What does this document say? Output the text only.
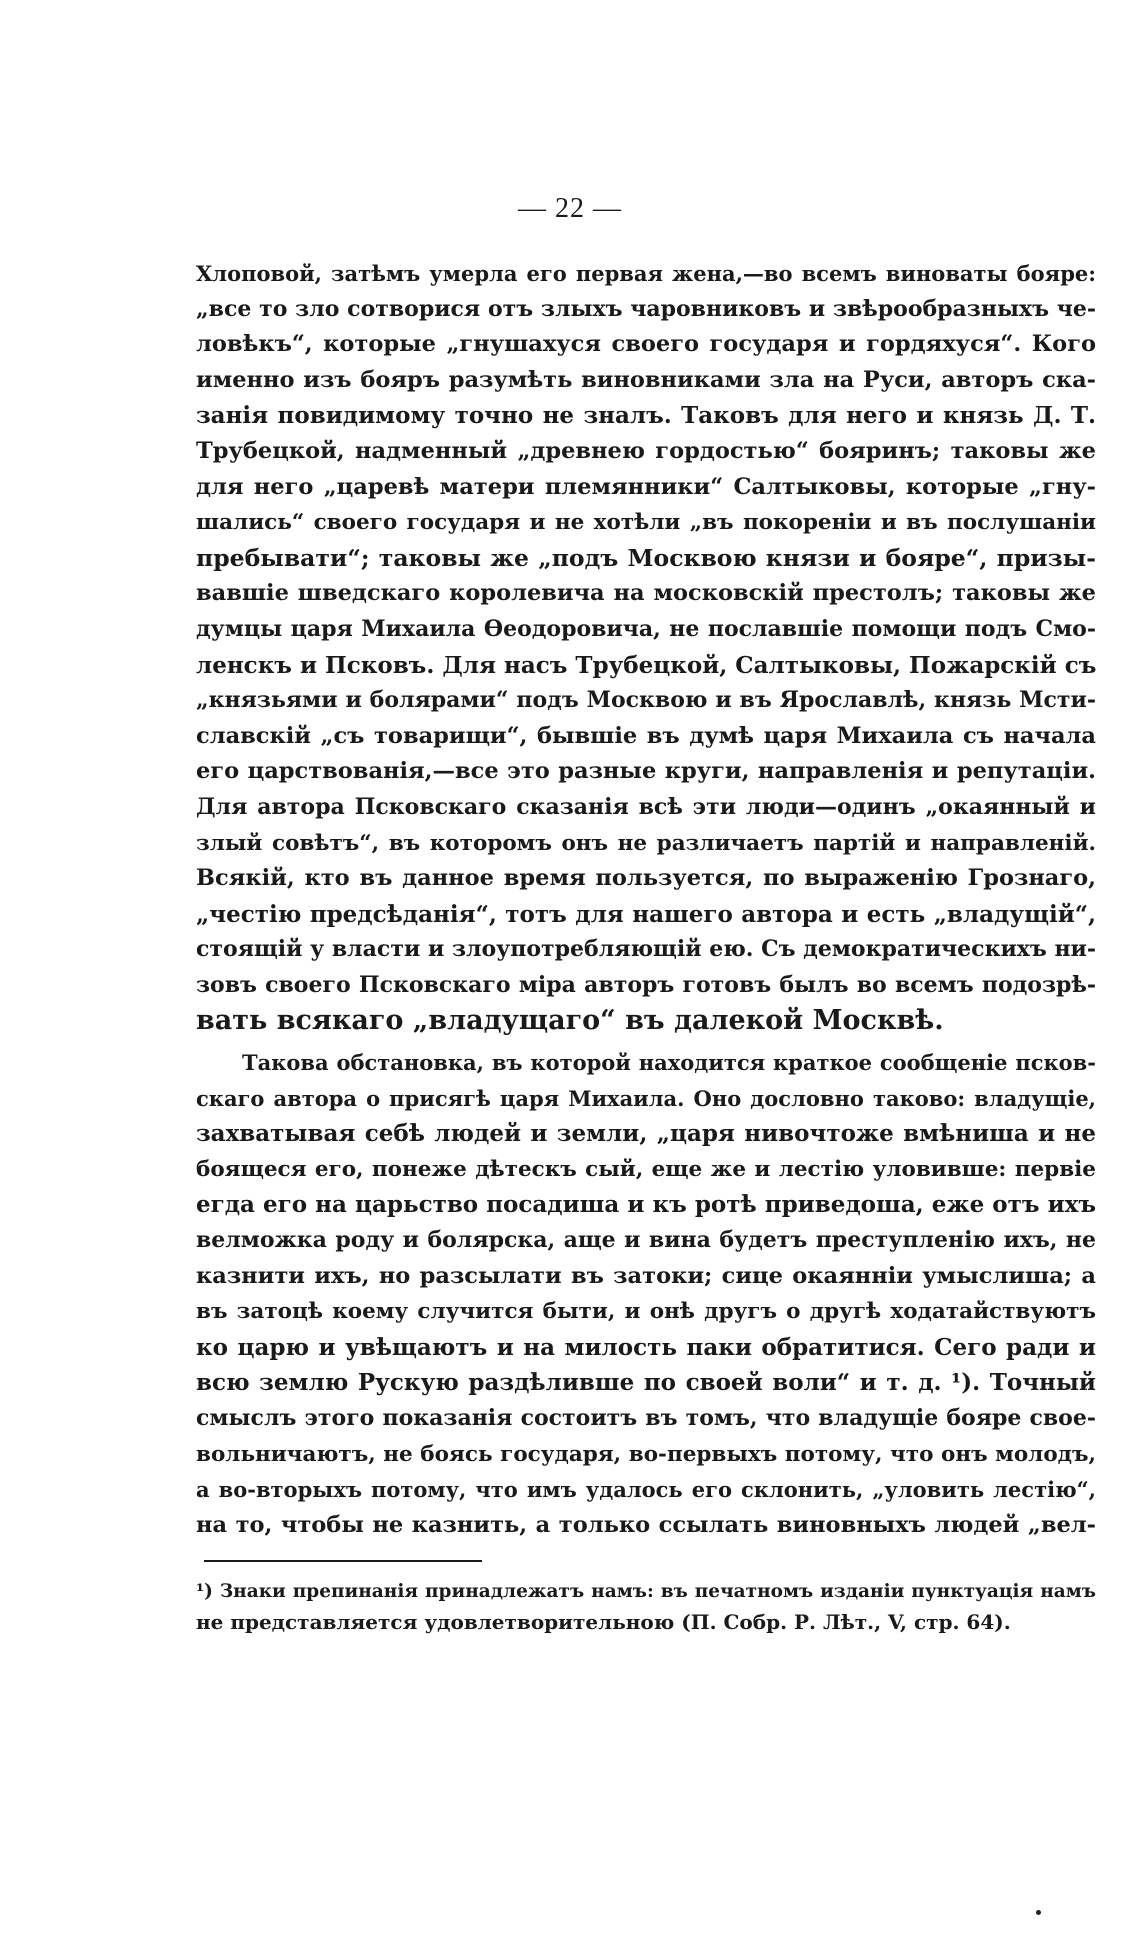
— 22 —
Хлоповой, затѣмъ умерла его первая жена,—во всемъ виноваты бояре:
„все то зло сотворися отъ злыхъ чаровниковъ и звѣрообразныхъ че-
ловѣкъ“, которые „гнушахуся своего государя и гордяхуся“. Кого
именно изъ бояръ разумѣть виновниками зла на Руси, авторъ ска-
занія повидимому точно не зналъ. Таковъ для него и князь Д. Т.
Трубецкой, надменный „древнею гордостью“ бояринъ; таковы же
для него „царевѣ матери племянники“ Салтыковы, которые „гну-
шались“ своего государя и не хотѣли „въ покореніи и въ послушаніи
пребывати“; таковы же „подъ Москвою князи и бояре“, призы-
вавшіе шведскаго королевича на московскій престолъ; таковы же
думцы царя Михаила Өеодоровича, не пославшіе помощи подъ Смо-
ленскъ и Псковъ. Для насъ Трубецкой, Салтыковы, Пожарскій съ
„князьями и болярами“ подъ Москвою и въ Ярославлѣ, князь Мсти-
славскій „съ товарищи“, бывшіе въ думѣ царя Михаила съ начала
его царствованія,—все это разные круги, направленія и репутаціи.
Для автора Псковскаго сказанія всѣ эти люди—одинъ „окаянный и
злый совѣтъ“, въ которомъ онъ не различаетъ партій и направленій.
Всякій, кто въ данное время пользуется, по выраженію Грознаго,
„честію предсѣданія“, тотъ для нашего автора и есть „владущій“,
стоящій у власти и злоупотребляющій ею. Съ демократическихъ ни-
зовъ своего Псковскаго міра авторъ готовъ былъ во всемъ подозрѣ-
вать всякаго „владущаго“ въ далекой Москвѣ.
Такова обстановка, въ которой находится краткое сообщеніе псков-
скаго автора о присягѣ царя Михаила. Оно дословно таково: владущіе,
захватывая себѣ людей и земли, „царя нивочтоже вмѣниша и не
боящеся его, понеже дѣтескъ сый, еще же и лестію уловивше: первіе
егда его на царьство посадиша и къ ротѣ приведоша, еже отъ ихъ
велможка роду и болярска, аще и вина будетъ преступленію ихъ, не
казнити ихъ, но разсылати въ затоки; сице окаянніи умыслиша; а
въ затоцѣ коему случится быти, и онѣ другъ о другѣ ходатайствуютъ
ко царю и увѣщаютъ и на милость паки обратитися. Сего ради и
всю землю Рускую раздѣливше по своей воли“ и т. д. ¹). Точный
смыслъ этого показанія состоитъ въ томъ, что владущіе бояре свое-
вольничаютъ, не боясь государя, во-первыхъ потому, что онъ молодъ,
а во-вторыхъ потому, что имъ удалось его склонить, „уловить лестію“,
на то, чтобы не казнить, а только ссылать виновныхъ людей „вел-
¹) Знаки препинанія принадлежатъ намъ: въ печатномъ изданіи пунктуація намъ
не представляется удовлетворительною (П. Собр. Р. Лѣт., V, стр. 64).
